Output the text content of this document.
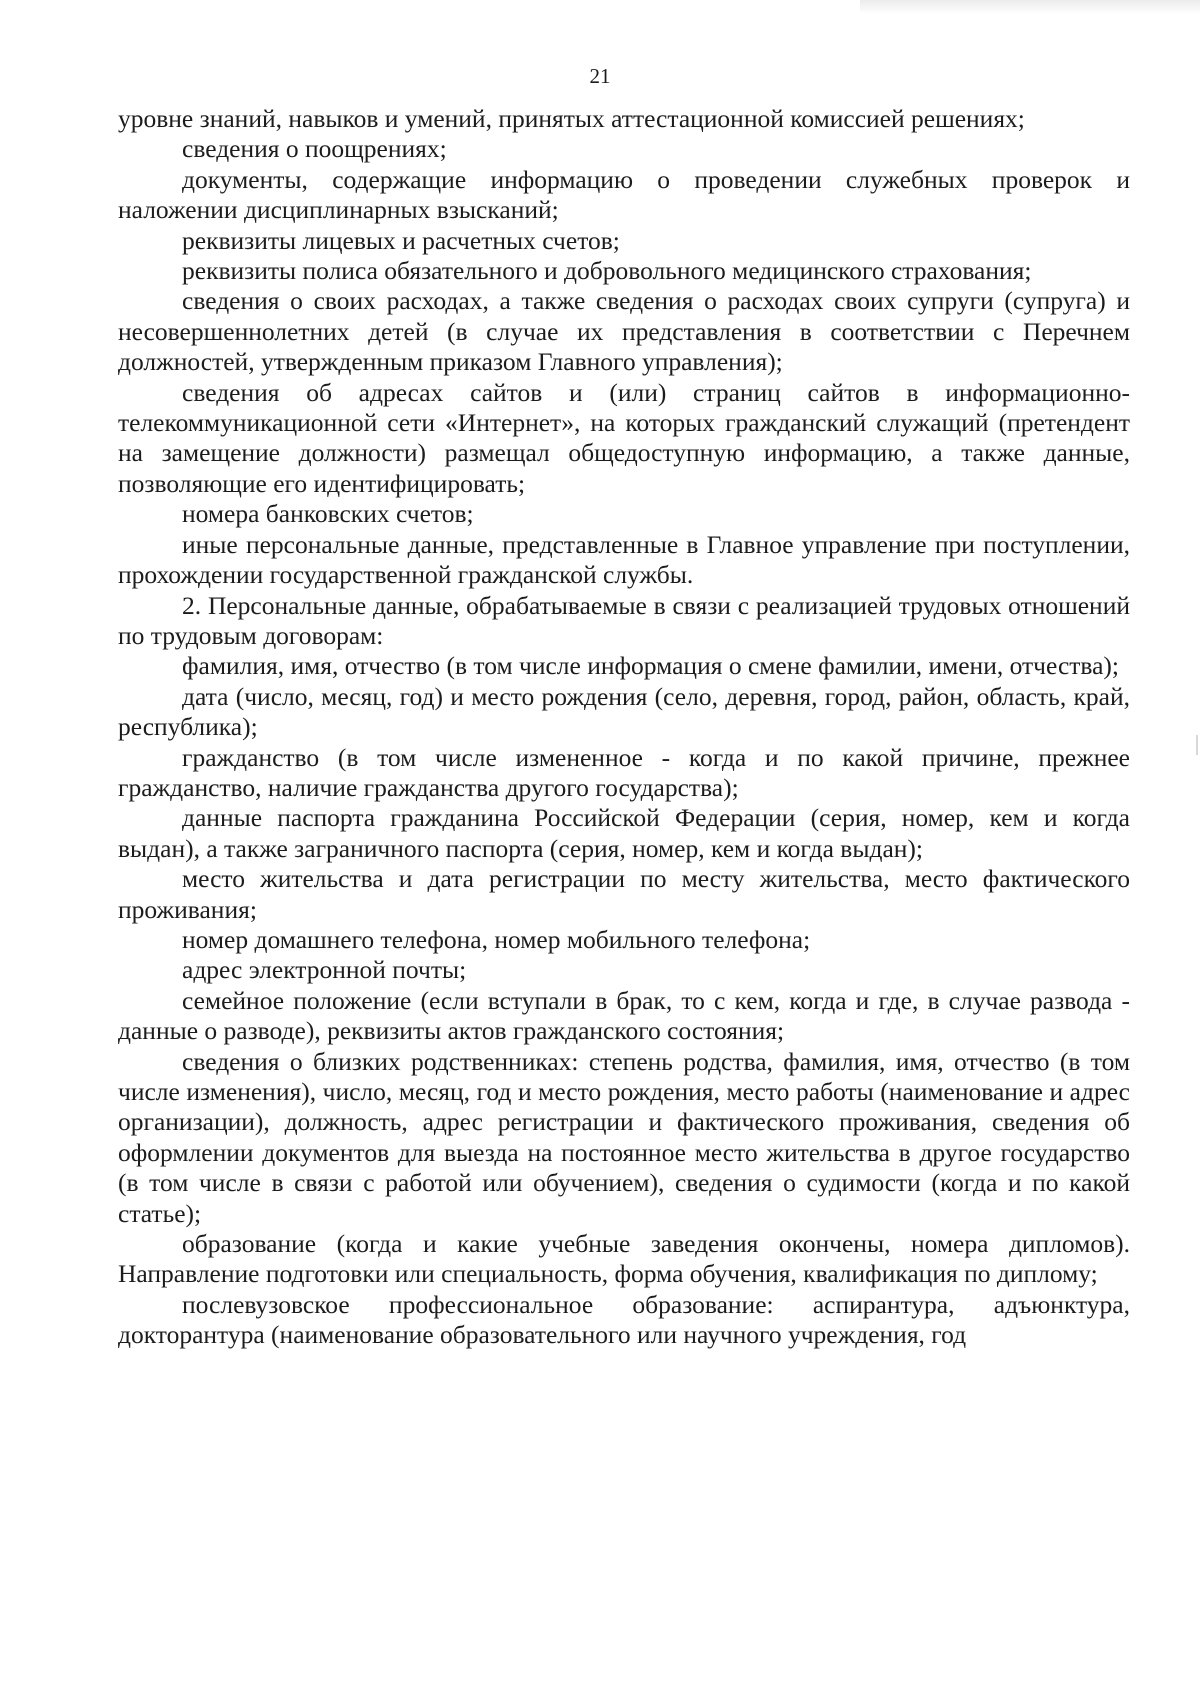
21

уровне знаний, навыков и умений, принятых аттестационной комиссией решениях;

сведения о поощрениях;

документы, содержащие информацию о проведении служебных проверок и наложении дисциплинарных взысканий;

реквизиты лицевых и расчетных счетов;

реквизиты полиса обязательного и добровольного медицинского страхования;

сведения о своих расходах, а также сведения о расходах своих супруги (супруга) и несовершеннолетних детей (в случае их представления в соответствии с Перечнем должностей, утвержденным приказом Главного управления);

сведения об адресах сайтов и (или) страниц сайтов в информационно-телекоммуникационной сети «Интернет», на которых гражданский служащий (претендент на замещение должности) размещал общедоступную информацию, а также данные, позволяющие его идентифицировать;

номера банковских счетов;

иные персональные данные, представленные в Главное управление при поступлении, прохождении государственной гражданской службы.

2. Персональные данные, обрабатываемые в связи с реализацией трудовых отношений по трудовым договорам:

фамилия, имя, отчество (в том числе информация о смене фамилии, имени, отчества);

дата (число, месяц, год) и место рождения (село, деревня, город, район, область, край, республика);

гражданство (в том числе измененное - когда и по какой причине, прежнее гражданство, наличие гражданства другого государства);

данные паспорта гражданина Российской Федерации (серия, номер, кем и когда выдан), а также заграничного паспорта (серия, номер, кем и когда выдан);

место жительства и дата регистрации по месту жительства, место фактического проживания;

номер домашнего телефона, номер мобильного телефона;

адрес электронной почты;

семейное положение (если вступали в брак, то с кем, когда и где, в случае развода - данные о разводе), реквизиты актов гражданского состояния;

сведения о близких родственниках: степень родства, фамилия, имя, отчество (в том числе изменения), число, месяц, год и место рождения, место работы (наименование и адрес организации), должность, адрес регистрации и фактического проживания, сведения об оформлении документов для выезда на постоянное место жительства в другое государство (в том числе в связи с работой или обучением), сведения о судимости (когда и по какой статье);

образование (когда и какие учебные заведения окончены, номера дипломов). Направление подготовки или специальность, форма обучения, квалификация по диплому;

послевузовское профессиональное образование: аспирантура, адъюнктура, докторантура (наименование образовательного или научного учреждения, год
